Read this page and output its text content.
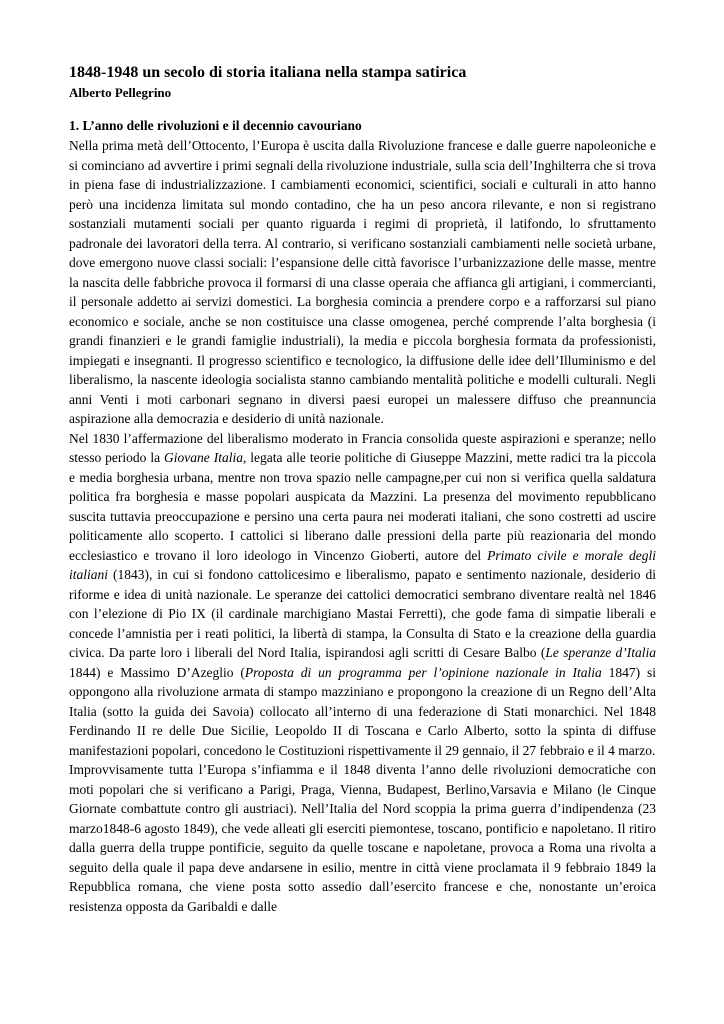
1848-1948 un secolo di storia italiana nella stampa satirica

Alberto Pellegrino

1. L’anno delle rivoluzioni e il decennio cavouriano

Nella prima metà dell’Ottocento, l’Europa è uscita dalla Rivoluzione francese e dalle guerre napoleoniche e si cominciano ad avvertire i primi segnali della rivoluzione industriale, sulla scia dell’Inghilterra che si trova in piena fase di industrializzazione. I cambiamenti economici, scientifici, sociali e culturali in atto hanno però una incidenza limitata sul mondo contadino, che ha un peso ancora rilevante, e non si registrano sostanziali mutamenti sociali per quanto riguarda i regimi di proprietà, il latifondo, lo sfruttamento padronale dei lavoratori della terra. Al contrario, si verificano sostanziali cambiamenti nelle società urbane, dove emergono nuove classi sociali: l’espansione delle città favorisce l’urbanizzazione delle masse, mentre la nascita delle fabbriche provoca il formarsi di una classe operaia che affianca gli artigiani, i commercianti, il personale addetto ai servizi domestici. La borghesia comincia a prendere corpo e a rafforzarsi sul piano economico e sociale, anche se non costituisce una classe omogenea, perché comprende l’alta borghesia (i grandi finanzieri e le grandi famiglie industriali), la media e piccola borghesia formata da professionisti, impiegati e insegnanti. Il progresso scientifico e tecnologico, la diffusione delle idee dell’Illuminismo e del liberalismo, la nascente ideologia socialista stanno cambiando mentalità politiche e modelli culturali. Negli anni Venti i moti carbonari segnano in diversi paesi europei un malessere diffuso che preannuncia aspirazione alla democrazia e desiderio di unità nazionale.

Nel 1830 l’affermazione del liberalismo moderato in Francia consolida queste aspirazioni e speranze; nello stesso periodo la Giovane Italia, legata alle teorie politiche di Giuseppe Mazzini, mette radici tra la piccola e media borghesia urbana, mentre non trova spazio nelle campagne,per cui non si verifica quella saldatura politica fra borghesia e masse popolari auspicata da Mazzini. La presenza del movimento repubblicano suscita tuttavia preoccupazione e persino una certa paura nei moderati italiani, che sono costretti ad uscire politicamente allo scoperto. I cattolici si liberano dalle pressioni della parte più reazionaria del mondo ecclesiastico e trovano il loro ideologo in Vincenzo Gioberti, autore del Primato civile e morale degli italiani (1843), in cui si fondono cattolicesimo e liberalismo, papato e sentimento nazionale, desiderio di riforme e idea di unità nazionale. Le speranze dei cattolici democratici sembrano diventare realtà nel 1846 con l’elezione di Pio IX (il cardinale marchigiano Mastai Ferretti), che gode fama di simpatie liberali e concede l’amnistia per i reati politici, la libertà di stampa, la Consulta di Stato e la creazione della guardia civica. Da parte loro i liberali del Nord Italia, ispirandosi agli scritti di Cesare Balbo (Le speranze d’Italia 1844) e Massimo D’Azeglio (Proposta di un programma per l’opinione nazionale in Italia 1847) si oppongono alla rivoluzione armata di stampo mazziniano e propongono la creazione di un Regno dell’Alta Italia (sotto la guida dei Savoia) collocato all’interno di una federazione di Stati monarchici. Nel 1848 Ferdinando II re delle Due Sicilie, Leopoldo II di Toscana e Carlo Alberto, sotto la spinta di diffuse manifestazioni popolari, concedono le Costituzioni rispettivamente il 29 gennaio, il 27 febbraio e il 4 marzo.

Improvvisamente tutta l’Europa s’infiamma e il 1848 diventa l’anno delle rivoluzioni democratiche con moti popolari che si verificano a Parigi, Praga, Vienna, Budapest, Berlino,Varsavia e Milano (le Cinque Giornate combattute contro gli austriaci). Nell’Italia del Nord scoppia la prima guerra d’indipendenza (23 marzo1848-6 agosto 1849), che vede alleati gli eserciti piemontese, toscano, pontificio e napoletano. Il ritiro dalla guerra della truppe pontificie, seguito da quelle toscane e napoletane, provoca a Roma una rivolta a seguito della quale il papa deve andarsene in esilio, mentre in città viene proclamata il 9 febbraio 1849 la Repubblica romana, che viene posta sotto assedio dall’esercito francese e che, nonostante un’eroica resistenza opposta da Garibaldi e dalle
